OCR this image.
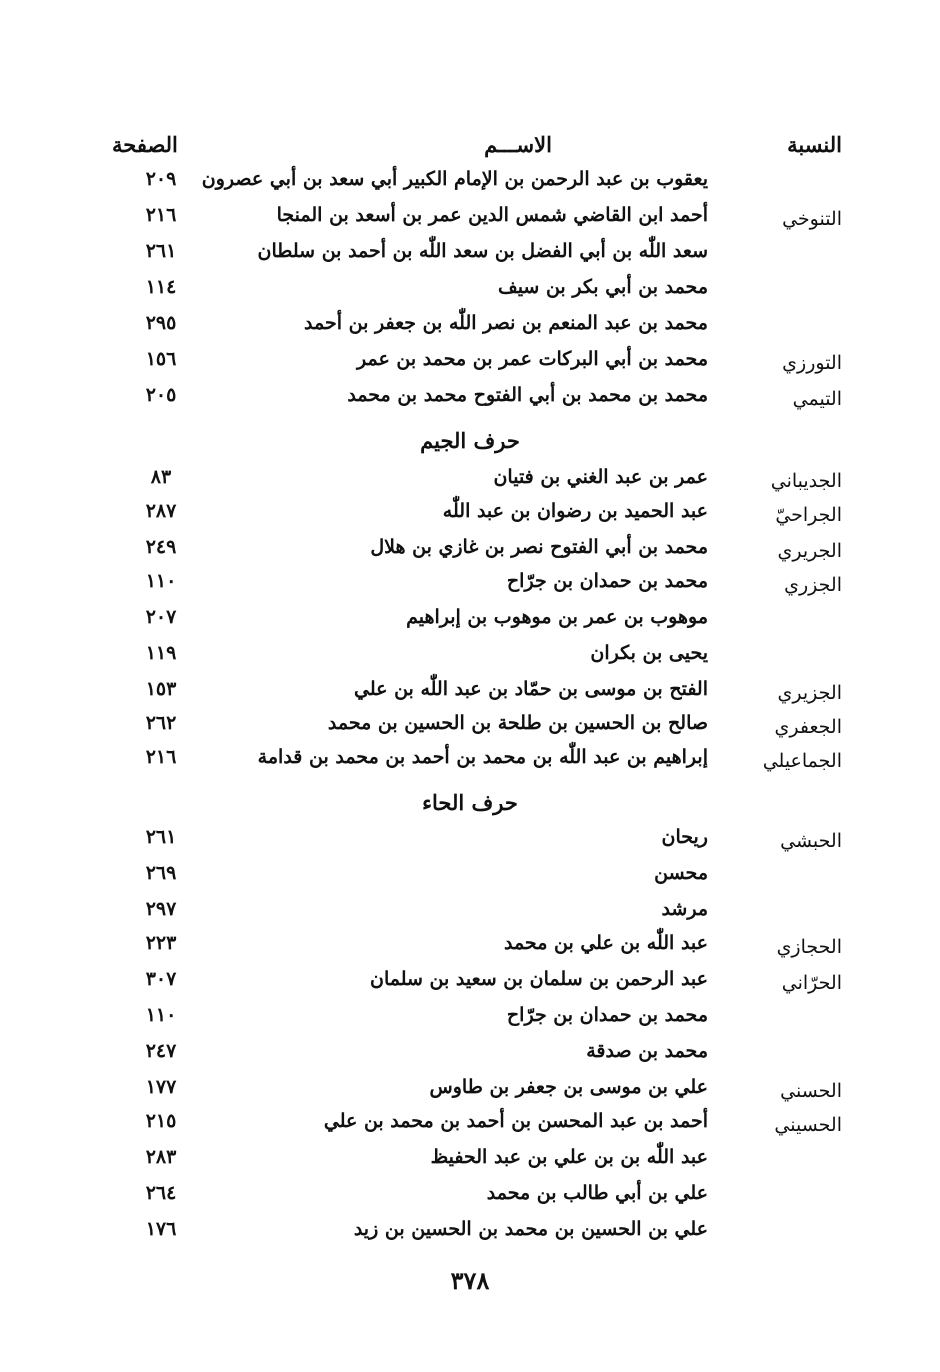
النسبة
الاســـم
الصفحة
يعقوب بن عبد الرحمن بن الإمام الكبير أبي سعد بن أبي عصرون
٢٠٩
التنوخي
أحمد ابن القاضي شمس الدين عمر بن أسعد بن المنجا
٢١٦
سعد اللّٰه بن أبي الفضل بن سعد اللّٰه بن أحمد بن سلطان
٢٦١
محمد بن أبي بكر بن سيف
١١٤
محمد بن عبد المنعم بن نصر اللّٰه بن جعفر بن أحمد
٢٩٥
التورزي
محمد بن أبي البركات عمر بن محمد بن عمر
١٥٦
التيمي
محمد بن محمد بن أبي الفتوح محمد بن محمد
٢٠٥
حرف الجيم
الجديباني
عمر بن عبد الغني بن فتيان
٨٣
الجراحيّ
عبد الحميد بن رضوان بن عبد اللّٰه
٢٨٧
الجريري
محمد بن أبي الفتوح نصر بن غازي بن هلال
٢٤٩
الجزري
محمد بن حمدان بن جرّاح
١١٠
موهوب بن عمر بن موهوب بن إبراهيم
٢٠٧
يحيى بن بكران
١١٩
الجزيري
الفتح بن موسى بن حمّاد بن عبد اللّٰه بن علي
١٥٣
الجعفري
صالح بن الحسين بن طلحة بن الحسين بن محمد
٢٦٢
الجماعيلي
إبراهيم بن عبد اللّٰه بن محمد بن أحمد بن محمد بن قدامة
٢١٦
حرف الحاء
الحبشي
ريحان
٢٦١
محسن
٢٦٩
مرشد
٢٩٧
الحجازي
عبد اللّٰه بن علي بن محمد
٢٢٣
الحرّاني
عبد الرحمن بن سلمان بن سعيد بن سلمان
٣٠٧
محمد بن حمدان بن جرّاح
١١٠
محمد بن صدقة
٢٤٧
الحسني
علي بن موسى بن جعفر بن طاوس
١٧٧
الحسيني
أحمد بن عبد المحسن بن أحمد بن محمد بن علي
٢١٥
عبد اللّٰه بن بن علي بن عبد الحفيظ
٢٨٣
علي بن أبي طالب بن محمد
٢٦٤
علي بن الحسين بن محمد بن الحسين بن زيد
١٧٦
٣٧٨
